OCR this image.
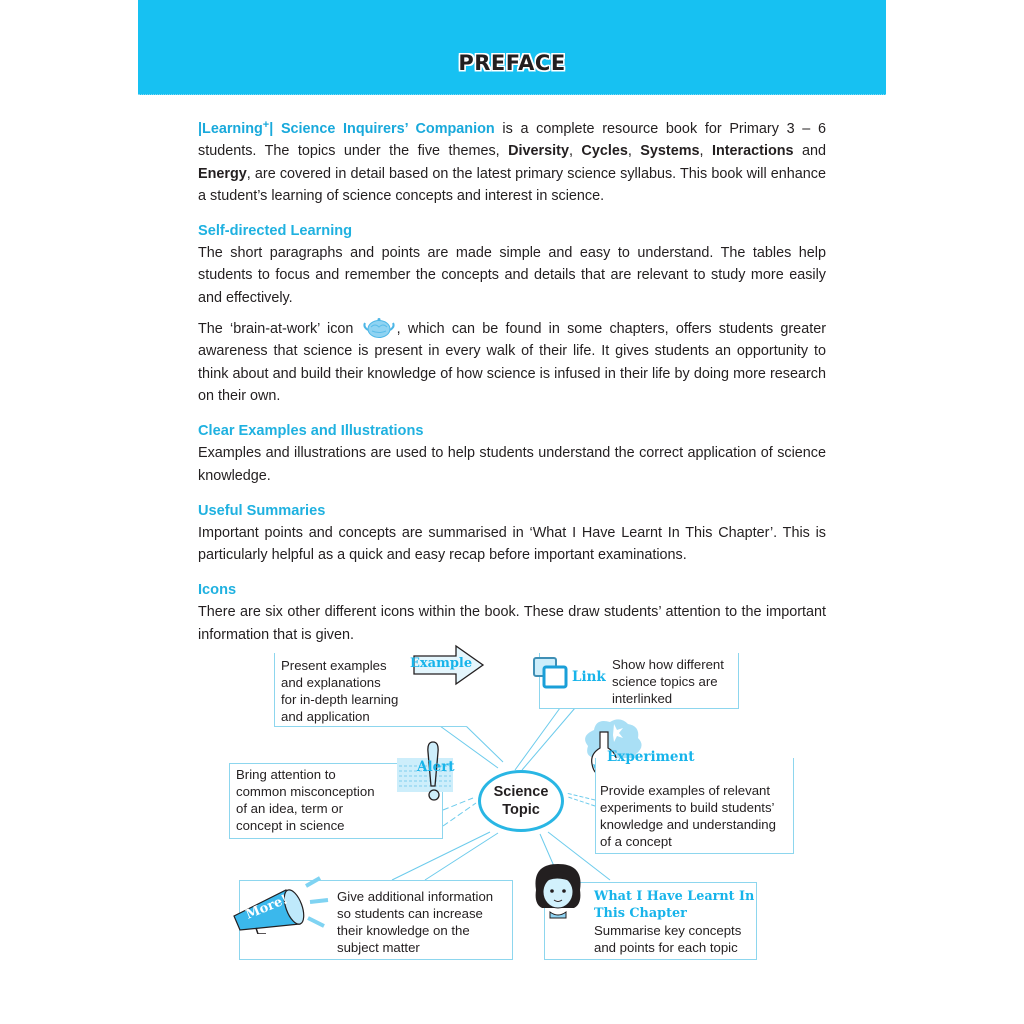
PREFACE

|Learning+| Science Inquirers’ Companion is a complete resource book for Primary 3 – 6 students. The topics under the five themes, Diversity, Cycles, Systems, Interactions and Energy, are covered in detail based on the latest primary science syllabus. This book will enhance a student’s learning of science concepts and interest in science.

Self-directed Learning

The short paragraphs and points are made simple and easy to understand. The tables help students to focus and remember the concepts and details that are relevant to study more easily and effectively.

The ‘brain-at-work’ icon	, which can be found in some chapters, offers students greater awareness that science is present in every walk of their life. It gives students an opportunity to think about and build their knowledge of how science is infused in their life by doing more research on their own.

Clear Examples and Illustrations

Examples and illustrations are used to help students understand the correct application of science knowledge.

Useful Summaries

Important points and concepts are summarised in ‘What I Have Learnt In This Chapter’. This is particularly helpful as a quick and easy recap before important examinations.

Icons

There are six other different icons within the book. These draw students’ attention to the important information that is given.

Present examples
and explanations
for in-depth learning
and application
Example
Link
Show how different
science topics are
interlinked
Bring attention to
common misconception
of an idea, term or
concept in science
Alert
Science
Topic
Experiment
Provide examples of relevant
experiments to build students’
knowledge and understanding
of a concept
More!	Give additional information
so students can increase
their knowledge on the
subject matter
What I Have Learnt In
This Chapter
Summarise key concepts
and points for each topic
